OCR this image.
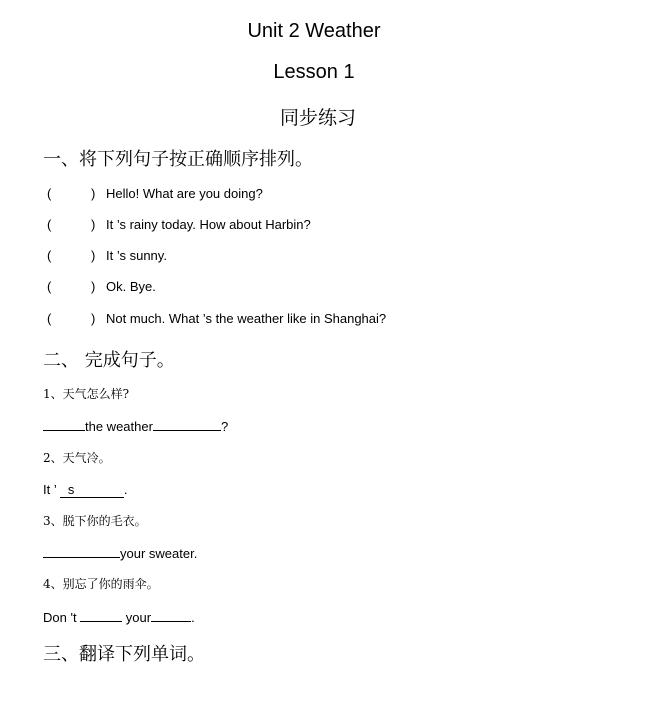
Unit 2 Weather
Lesson 1
同步练习
一、将下列句子按正确顺序排列。
(	) Hello! What are you doing?
(	) It ’s rainy today. How about Harbin?
(	) It ’s sunny.
(	) Ok. Bye.
(	) Not much. What ’s the weather like in Shanghai?
二、 完成句子。
1、天气怎么样?
the weather	?
2、天气冷。
It ’ s	.
3、脱下你的毛衣。
your sweater.
4、别忘了你的雨伞。
Don 't	your	.
三、翻译下列单词。
